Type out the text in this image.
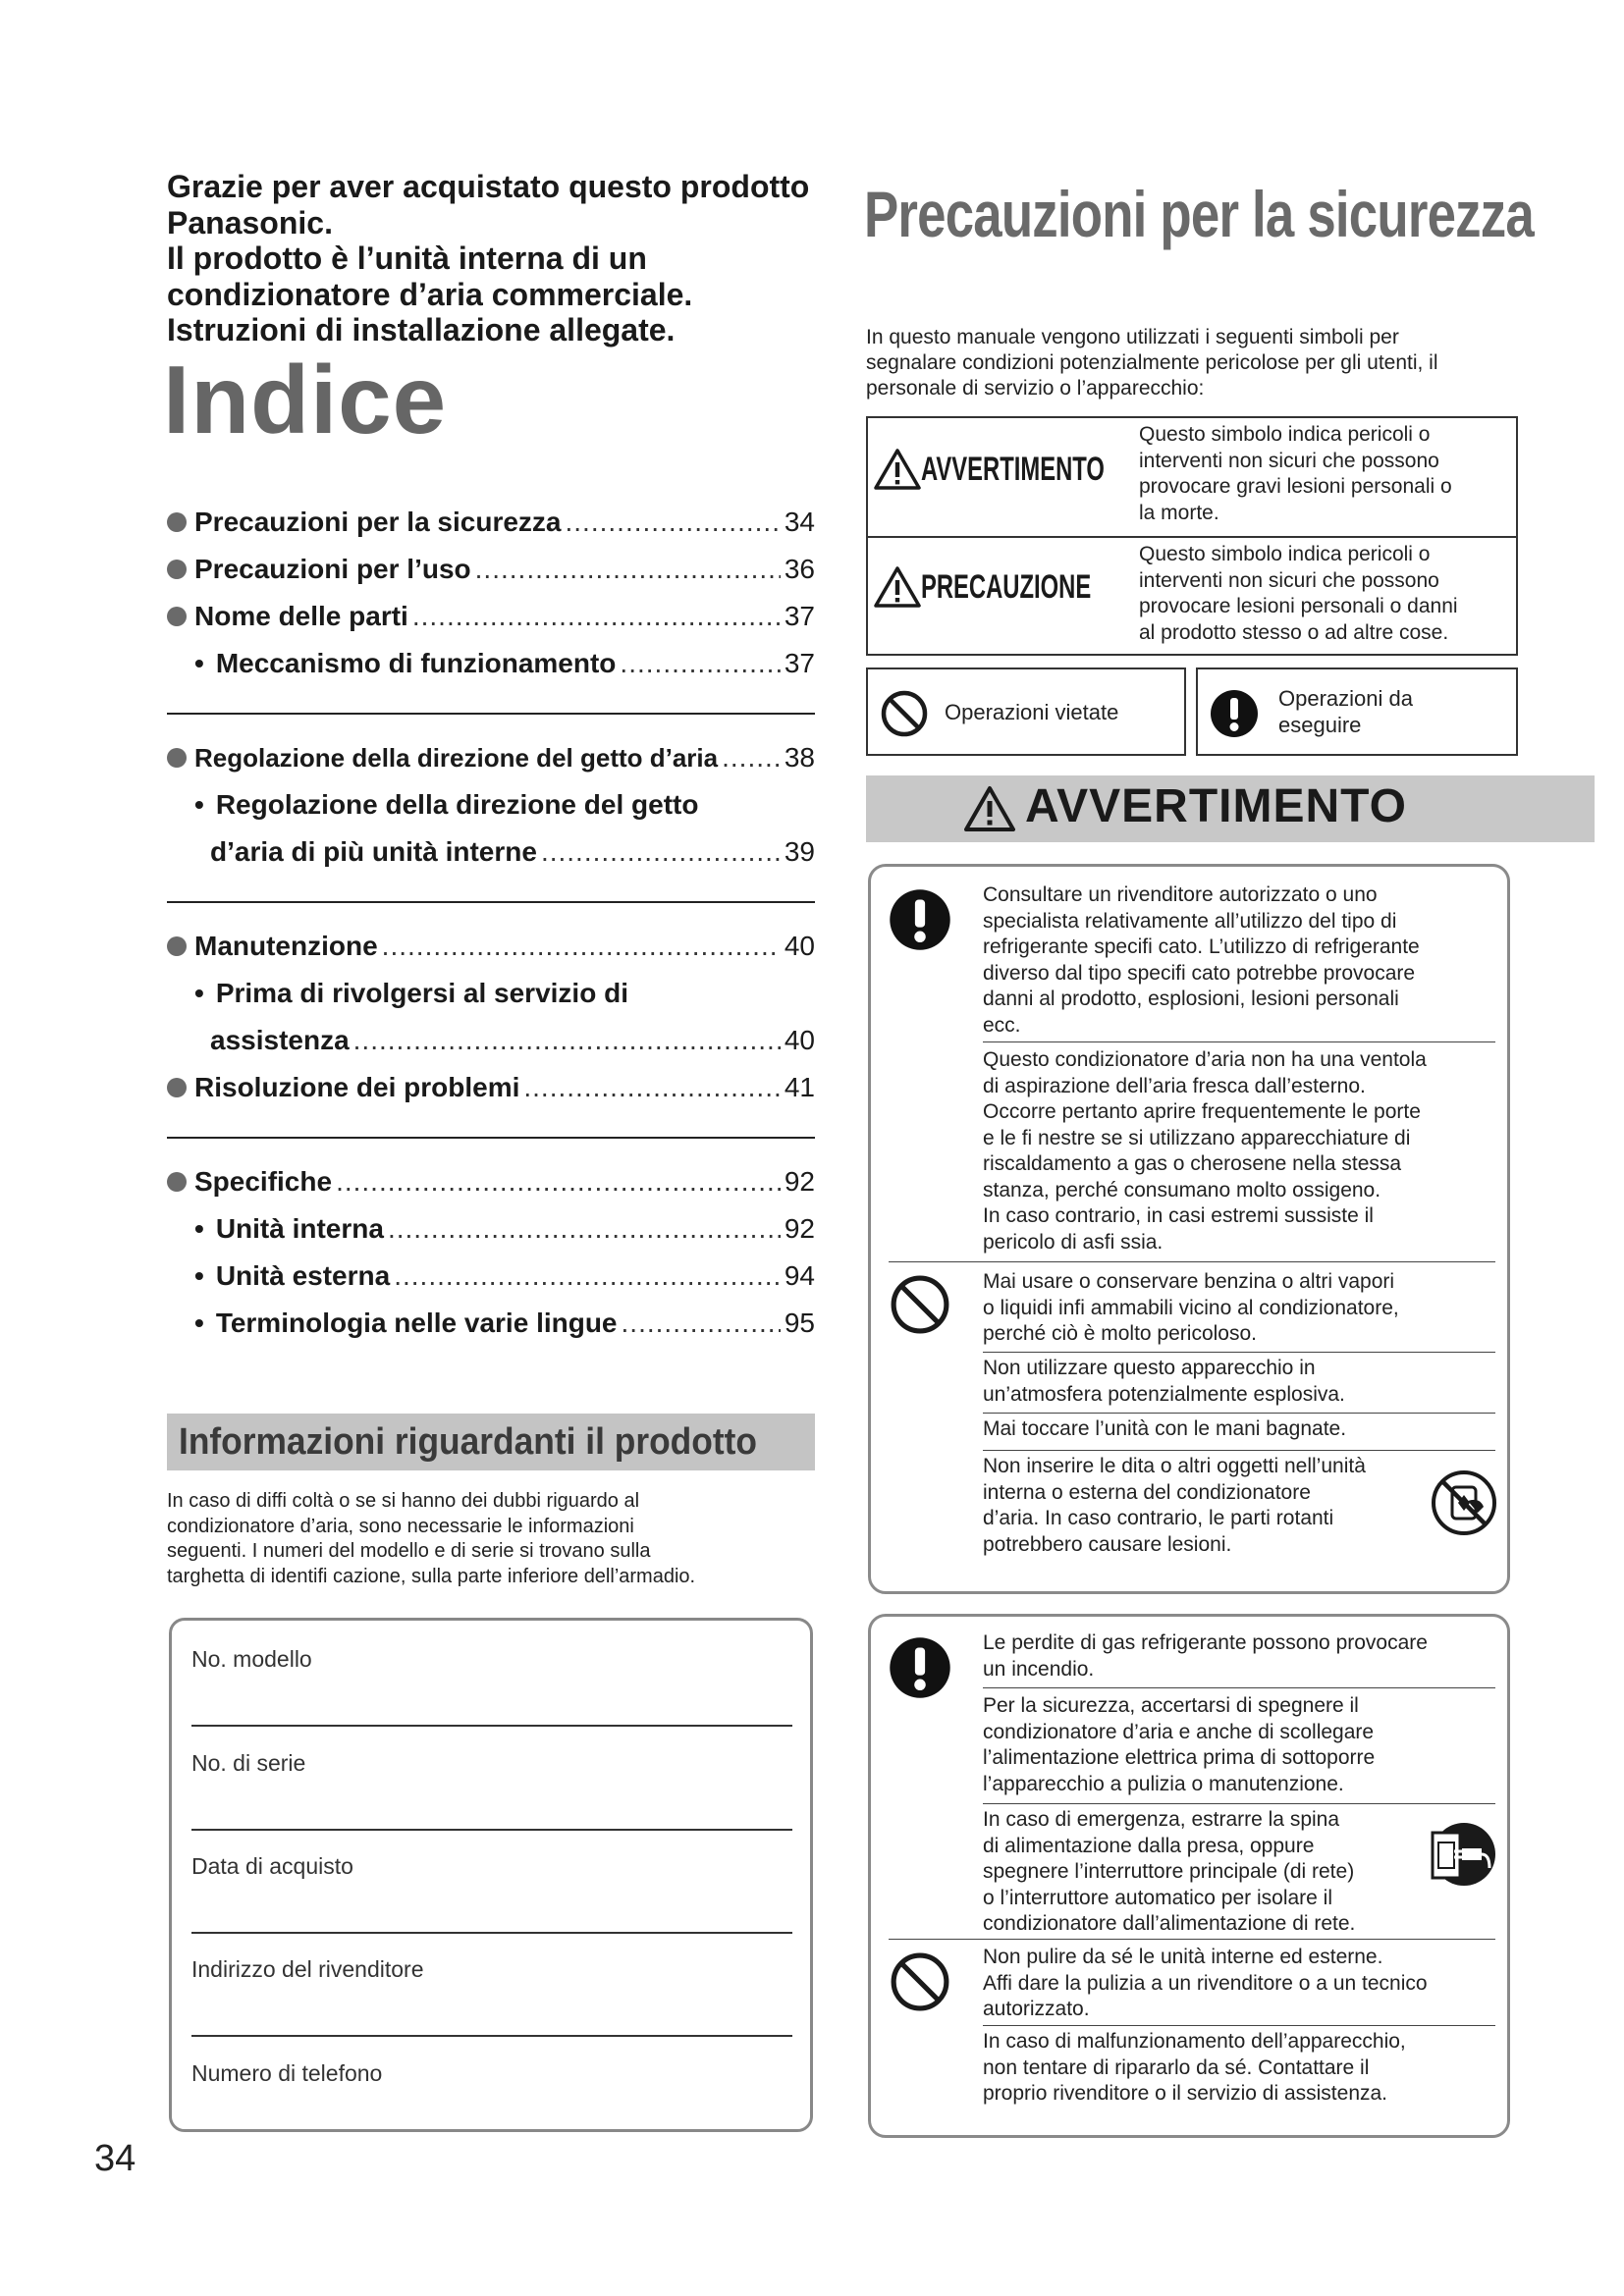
Grazie per aver acquistato questo prodotto
Panasonic.
Il prodotto è l’unità interna di un
condizionatore d’aria commerciale.
Istruzioni di installazione allegate.
Indice
Precauzioni per la sicurezza .....	34
Precauzioni per l’uso .....	36
Nome delle parti .....	37
• Meccanismo di funzionamento .....	37
Regolazione della direzione del getto d’aria ..... 38
• Regolazione della direzione del getto
d’aria di più unità interne .....	39
Manutenzione .....	40
• Prima di rivolgersi al servizio di
assistenza .....	40
Risoluzione dei problemi .....	41
Specifiche .....	92
• Unità interna .....	92
• Unità esterna .....	94
• Terminologia nelle varie lingue .....	95
Informazioni riguardanti il prodotto
In caso di diffi coltà o se si hanno dei dubbi riguardo al
condizionatore d’aria, sono necessarie le informazioni
seguenti. I numeri del modello e di serie si trovano sulla
targhetta di identifi cazione, sulla parte inferiore dell’armadio.
No. modello
No. di serie
Data di acquisto
Indirizzo del rivenditore
Numero di telefono
34
Precauzioni per la sicurezza
In questo manuale vengono utilizzati i seguenti simboli per
segnalare condizioni potenzialmente pericolose per gli utenti, il
personale di servizio o l’apparecchio:
AVVERTIMENTO
Questo simbolo indica pericoli o
interventi non sicuri che possono
provocare gravi lesioni personali o
la morte.
PRECAUZIONE
Questo simbolo indica pericoli o
interventi non sicuri che possono
provocare lesioni personali o danni
al prodotto stesso o ad altre cose.
Operazioni vietate
Operazioni da
eseguire
AVVERTIMENTO
Consultare un rivenditore autorizzato o uno
specialista relativamente all’utilizzo del tipo di
refrigerante specifi cato. L’utilizzo di refrigerante
diverso dal tipo specifi cato potrebbe provocare
danni al prodotto, esplosioni, lesioni personali
ecc.
Questo condizionatore d’aria non ha una ventola
di aspirazione dell’aria fresca dall’esterno.
Occorre pertanto aprire frequentemente le porte
e le fi nestre se si utilizzano apparecchiature di
riscaldamento a gas o cherosene nella stessa
stanza, perché consumano molto ossigeno.
In caso contrario, in casi estremi sussiste il
pericolo di asfi ssia.
Mai usare o conservare benzina o altri vapori
o liquidi infi ammabili vicino al condizionatore,
perché ciò è molto pericoloso.
Non utilizzare questo apparecchio in
un’atmosfera potenzialmente esplosiva.
Mai toccare l’unità con le mani bagnate.
Non inserire le dita o altri oggetti nell’unità
interna o esterna del condizionatore
d’aria. In caso contrario, le parti rotanti
potrebbero causare lesioni.
Le perdite di gas refrigerante possono provocare
un incendio.
Per la sicurezza, accertarsi di spegnere il
condizionatore d’aria e anche di scollegare
l’alimentazione elettrica prima di sottoporre
l’apparecchio a pulizia o manutenzione.
In caso di emergenza, estrarre la spina
di alimentazione dalla presa, oppure
spegnere l’interruttore principale (di rete)
o l’interruttore automatico per isolare il
condizionatore dall’alimentazione di rete.
Non pulire da sé le unità interne ed esterne.
Affi dare la pulizia a un rivenditore o a un tecnico
autorizzato.
In caso di malfunzionamento dell’apparecchio,
non tentare di ripararlo da sé. Contattare il
proprio rivenditore o il servizio di assistenza.
